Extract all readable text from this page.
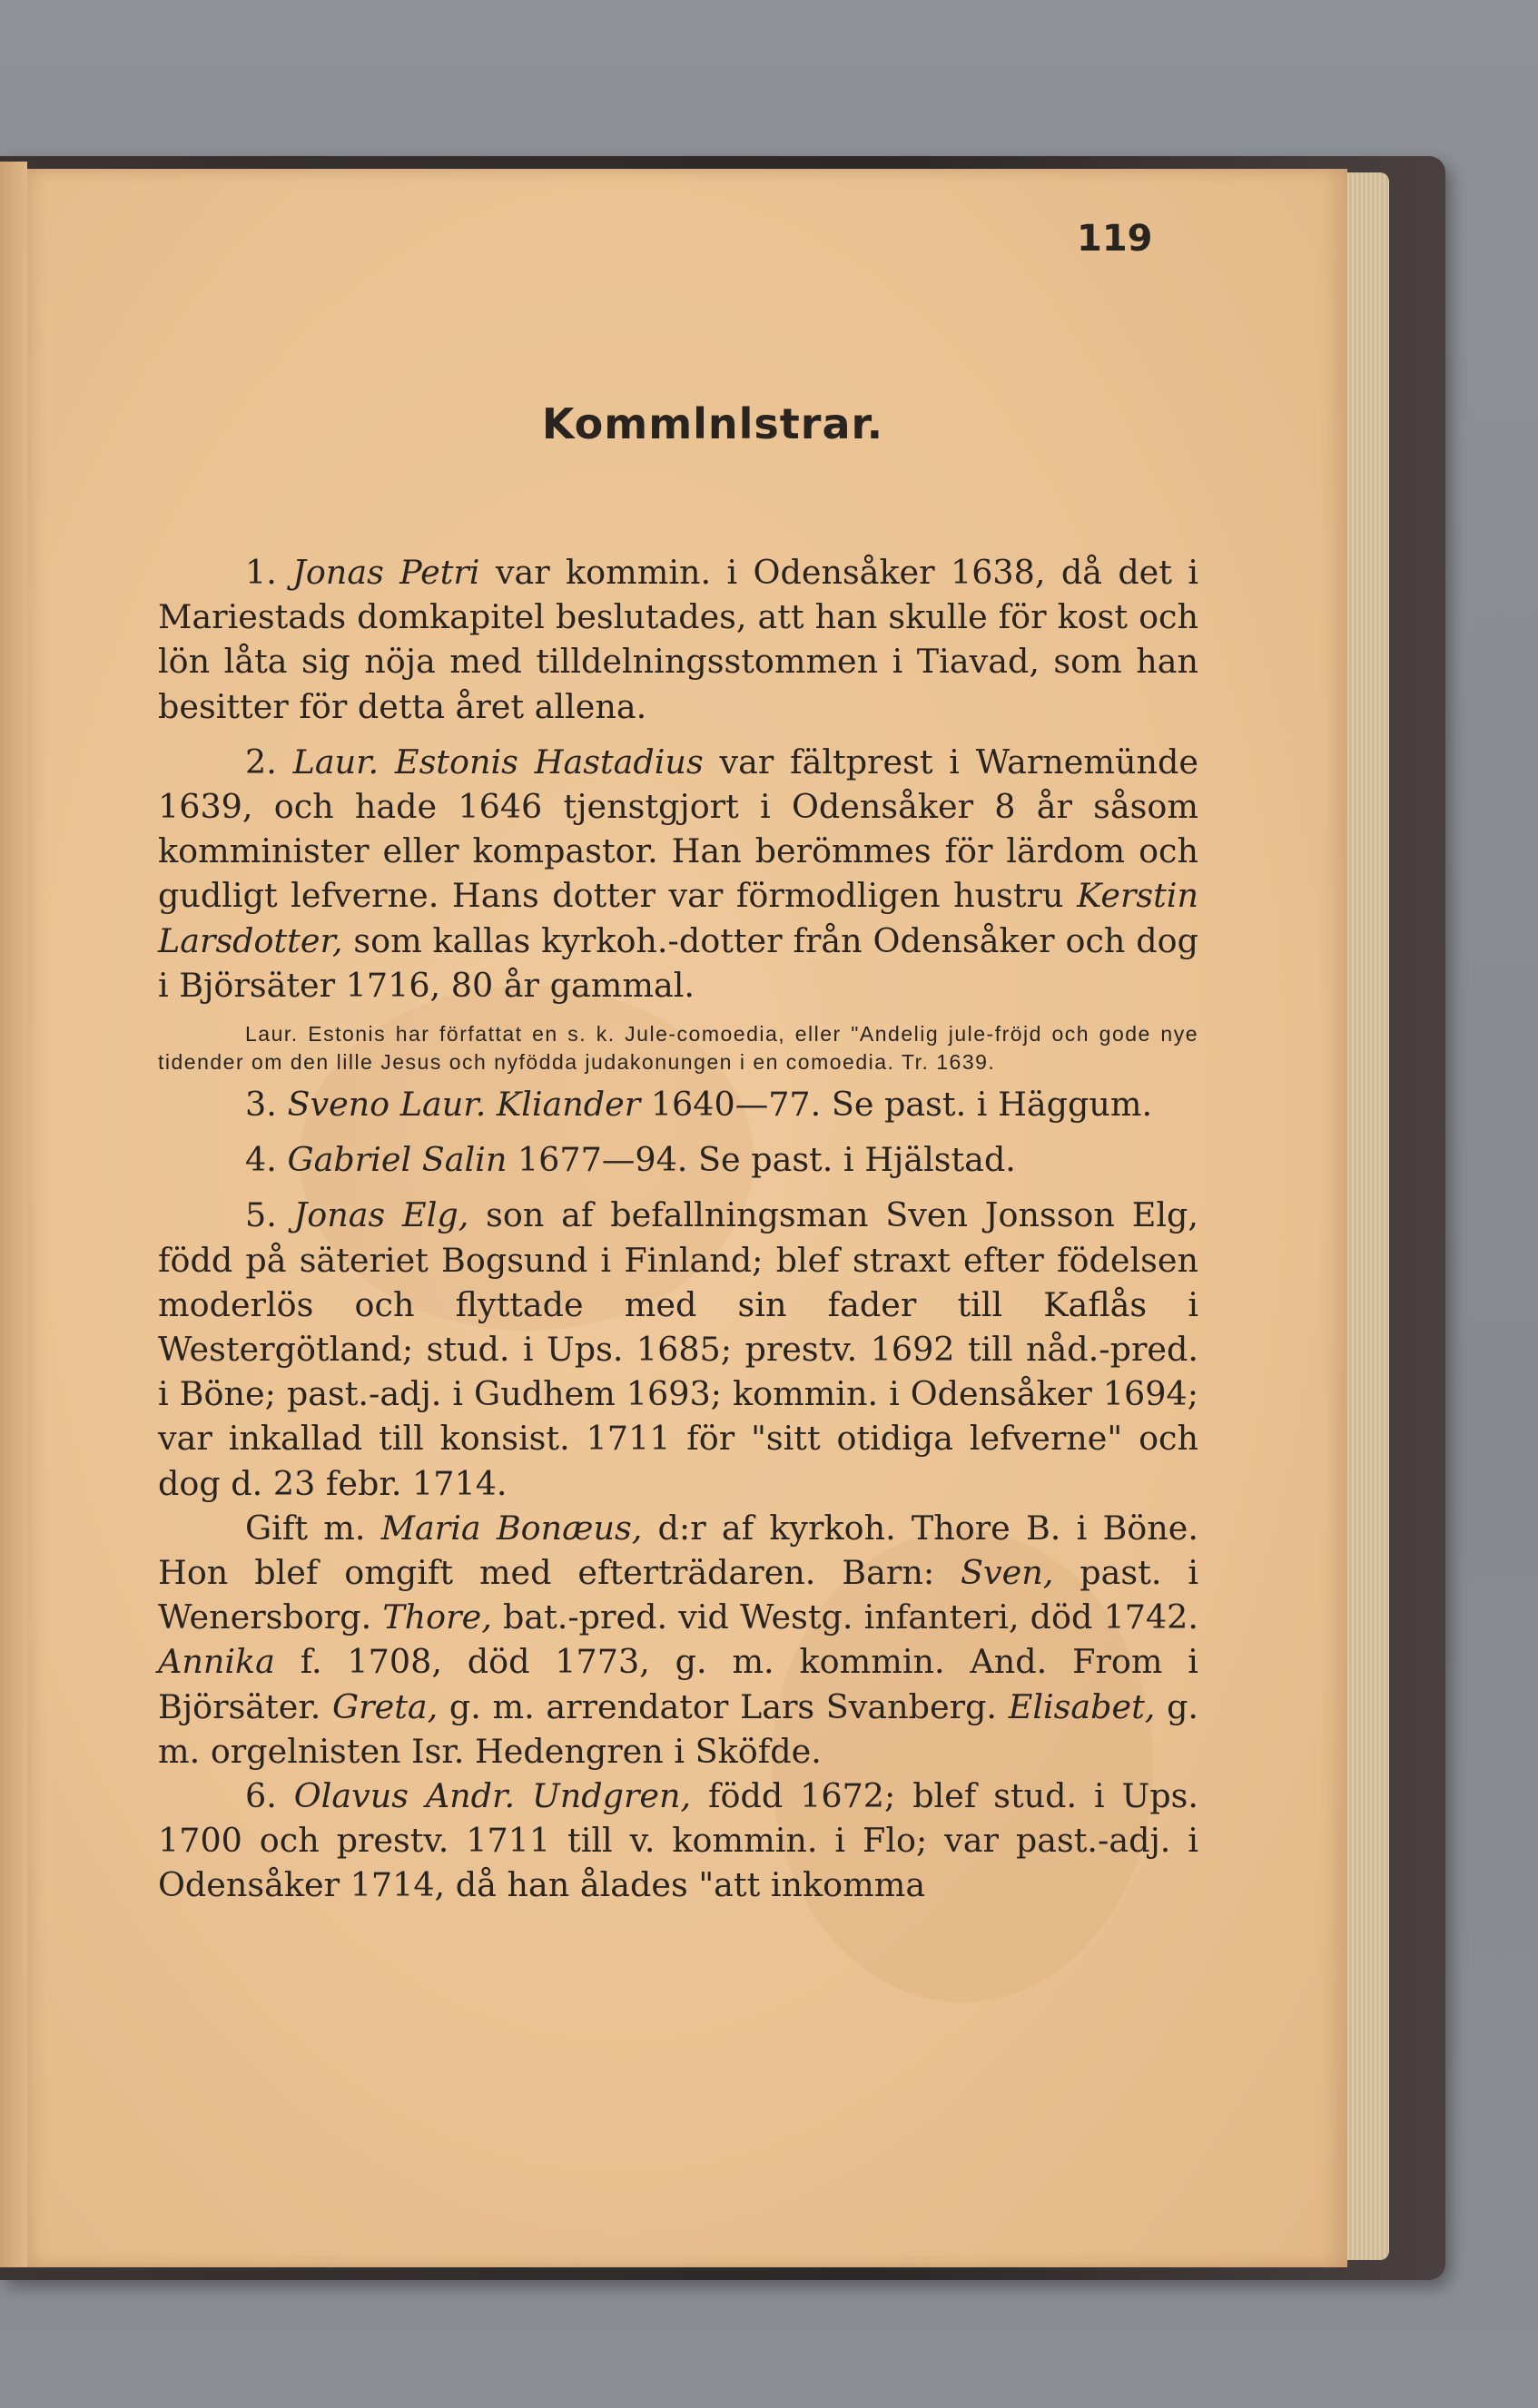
119

Kommlnlstrar.

1. Jonas Petri var kommin. i Odensåker 1638, då det i Mariestads domkapitel beslutades, att han skulle för kost och lön låta sig nöja med tilldelningsstommen i Tiavad, som han besitter för detta året allena.

2. Laur. Estonis Hastadius var fältprest i Warnemünde 1639, och hade 1646 tjenstgjort i Odensåker 8 år såsom komminister eller kompastor. Han berömmes för lärdom och gudligt lefverne. Hans dotter var förmodligen hustru Kerstin Larsdotter, som kallas kyrkoh.-dotter från Odensåker och dog i Björsäter 1716, 80 år gammal.

Laur. Estonis har författat en s. k. Jule-comoedia, eller "Andelig jule-fröjd och gode nye tidender om den lille Jesus och nyfödda judakonungen i en comoedia. Tr. 1639.

3. Sveno Laur. Kliander 1640—77. Se past. i Häggum.

4. Gabriel Salin 1677—94. Se past. i Hjälstad.

5. Jonas Elg, son af befallningsman Sven Jonsson Elg, född på säteriet Bogsund i Finland; blef straxt efter födelsen moderlös och flyttade med sin fader till Kaflås i Westergötland; stud. i Ups. 1685; prestv. 1692 till nåd.-pred. i Böne; past.-adj. i Gudhem 1693; kommin. i Odensåker 1694; var inkallad till konsist. 1711 för "sitt otidiga lefverne" och dog d. 23 febr. 1714.

Gift m. Maria Bonæus, d:r af kyrkoh. Thore B. i Böne. Hon blef omgift med efterträdaren. Barn: Sven, past. i Wenersborg. Thore, bat.-pred. vid Westg. infanteri, död 1742. Annika f. 1708, död 1773, g. m. kommin. And. From i Björsäter. Greta, g. m. arrendator Lars Svanberg. Elisabet, g. m. orgelnisten Isr. Hedengren i Sköfde.

6. Olavus Andr. Undgren, född 1672; blef stud. i Ups. 1700 och prestv. 1711 till v. kommin. i Flo; var past.-adj. i Odensåker 1714, då han ålades "att inkomma
